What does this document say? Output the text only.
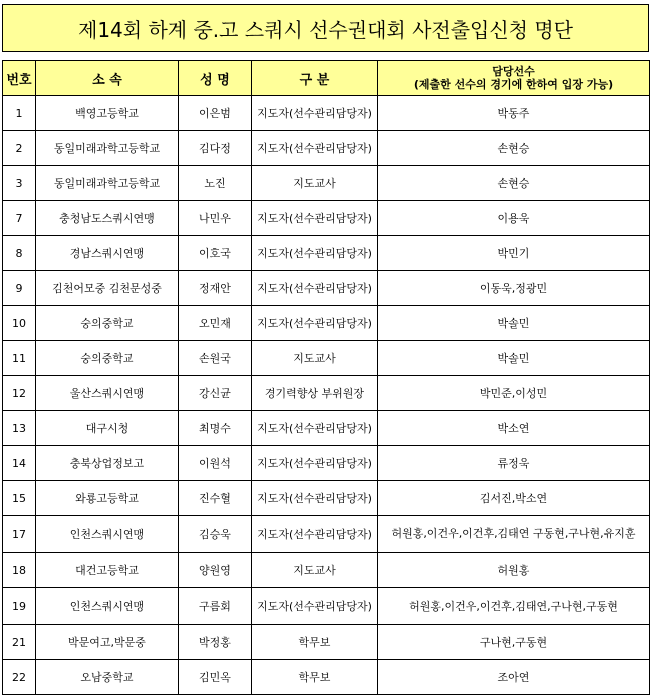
제14회 하계 중.고 스쿼시 선수권대회 사전출입신청 명단
번호	소 속	성 명	구 분	담당선수
(제출한 선수의 경기에 한하여 입장 가능)

1	백영고등학교	이은범	지도자(선수관리담당자)	박동주
2	동일미래과학고등학교	김다정	지도자(선수관리담당자)	손현승
3	동일미래과학고등학교	노진	지도교사	손현승
7	충청남도스쿼시연맹	나민우	지도자(선수관리담당자)	이용욱
8	경남스쿼시연맹	이호국	지도자(선수관리담당자)	박민기
9	김천어모중 김천문성중	정재안	지도자(선수관리담당자)	이동욱,정광민
10	숭의중학교	오민재	지도자(선수관리담당자)	박솔민
11	숭의중학교	손원국	지도교사	박솔민
12	울산스쿼시연맹	강신균	경기력향상 부위원장	박민준,이성민
13	대구시청	최명수	지도자(선수관리담당자)	박소연
14	충북상업정보고	이원석	지도자(선수관리담당자)	류정욱
15	와룡고등학교	진수혈	지도자(선수관리담당자)	김서진,박소연
17	인천스쿼시연맹	김승욱	지도자(선수관리담당자)	허원홍,이건우,이건후,김태연 구동현,구나현,유지훈
18	대건고등학교	양원영	지도교사	허원홍
19	인천스쿼시연맹	구름회	지도자(선수관리담당자)	허원홍,이건우,이건후,김태연,구나현,구동현
21	박문여고,박문중	박정홍	학무보	구나현,구동현
22	오남중학교	김민옥	학무보	조아연
